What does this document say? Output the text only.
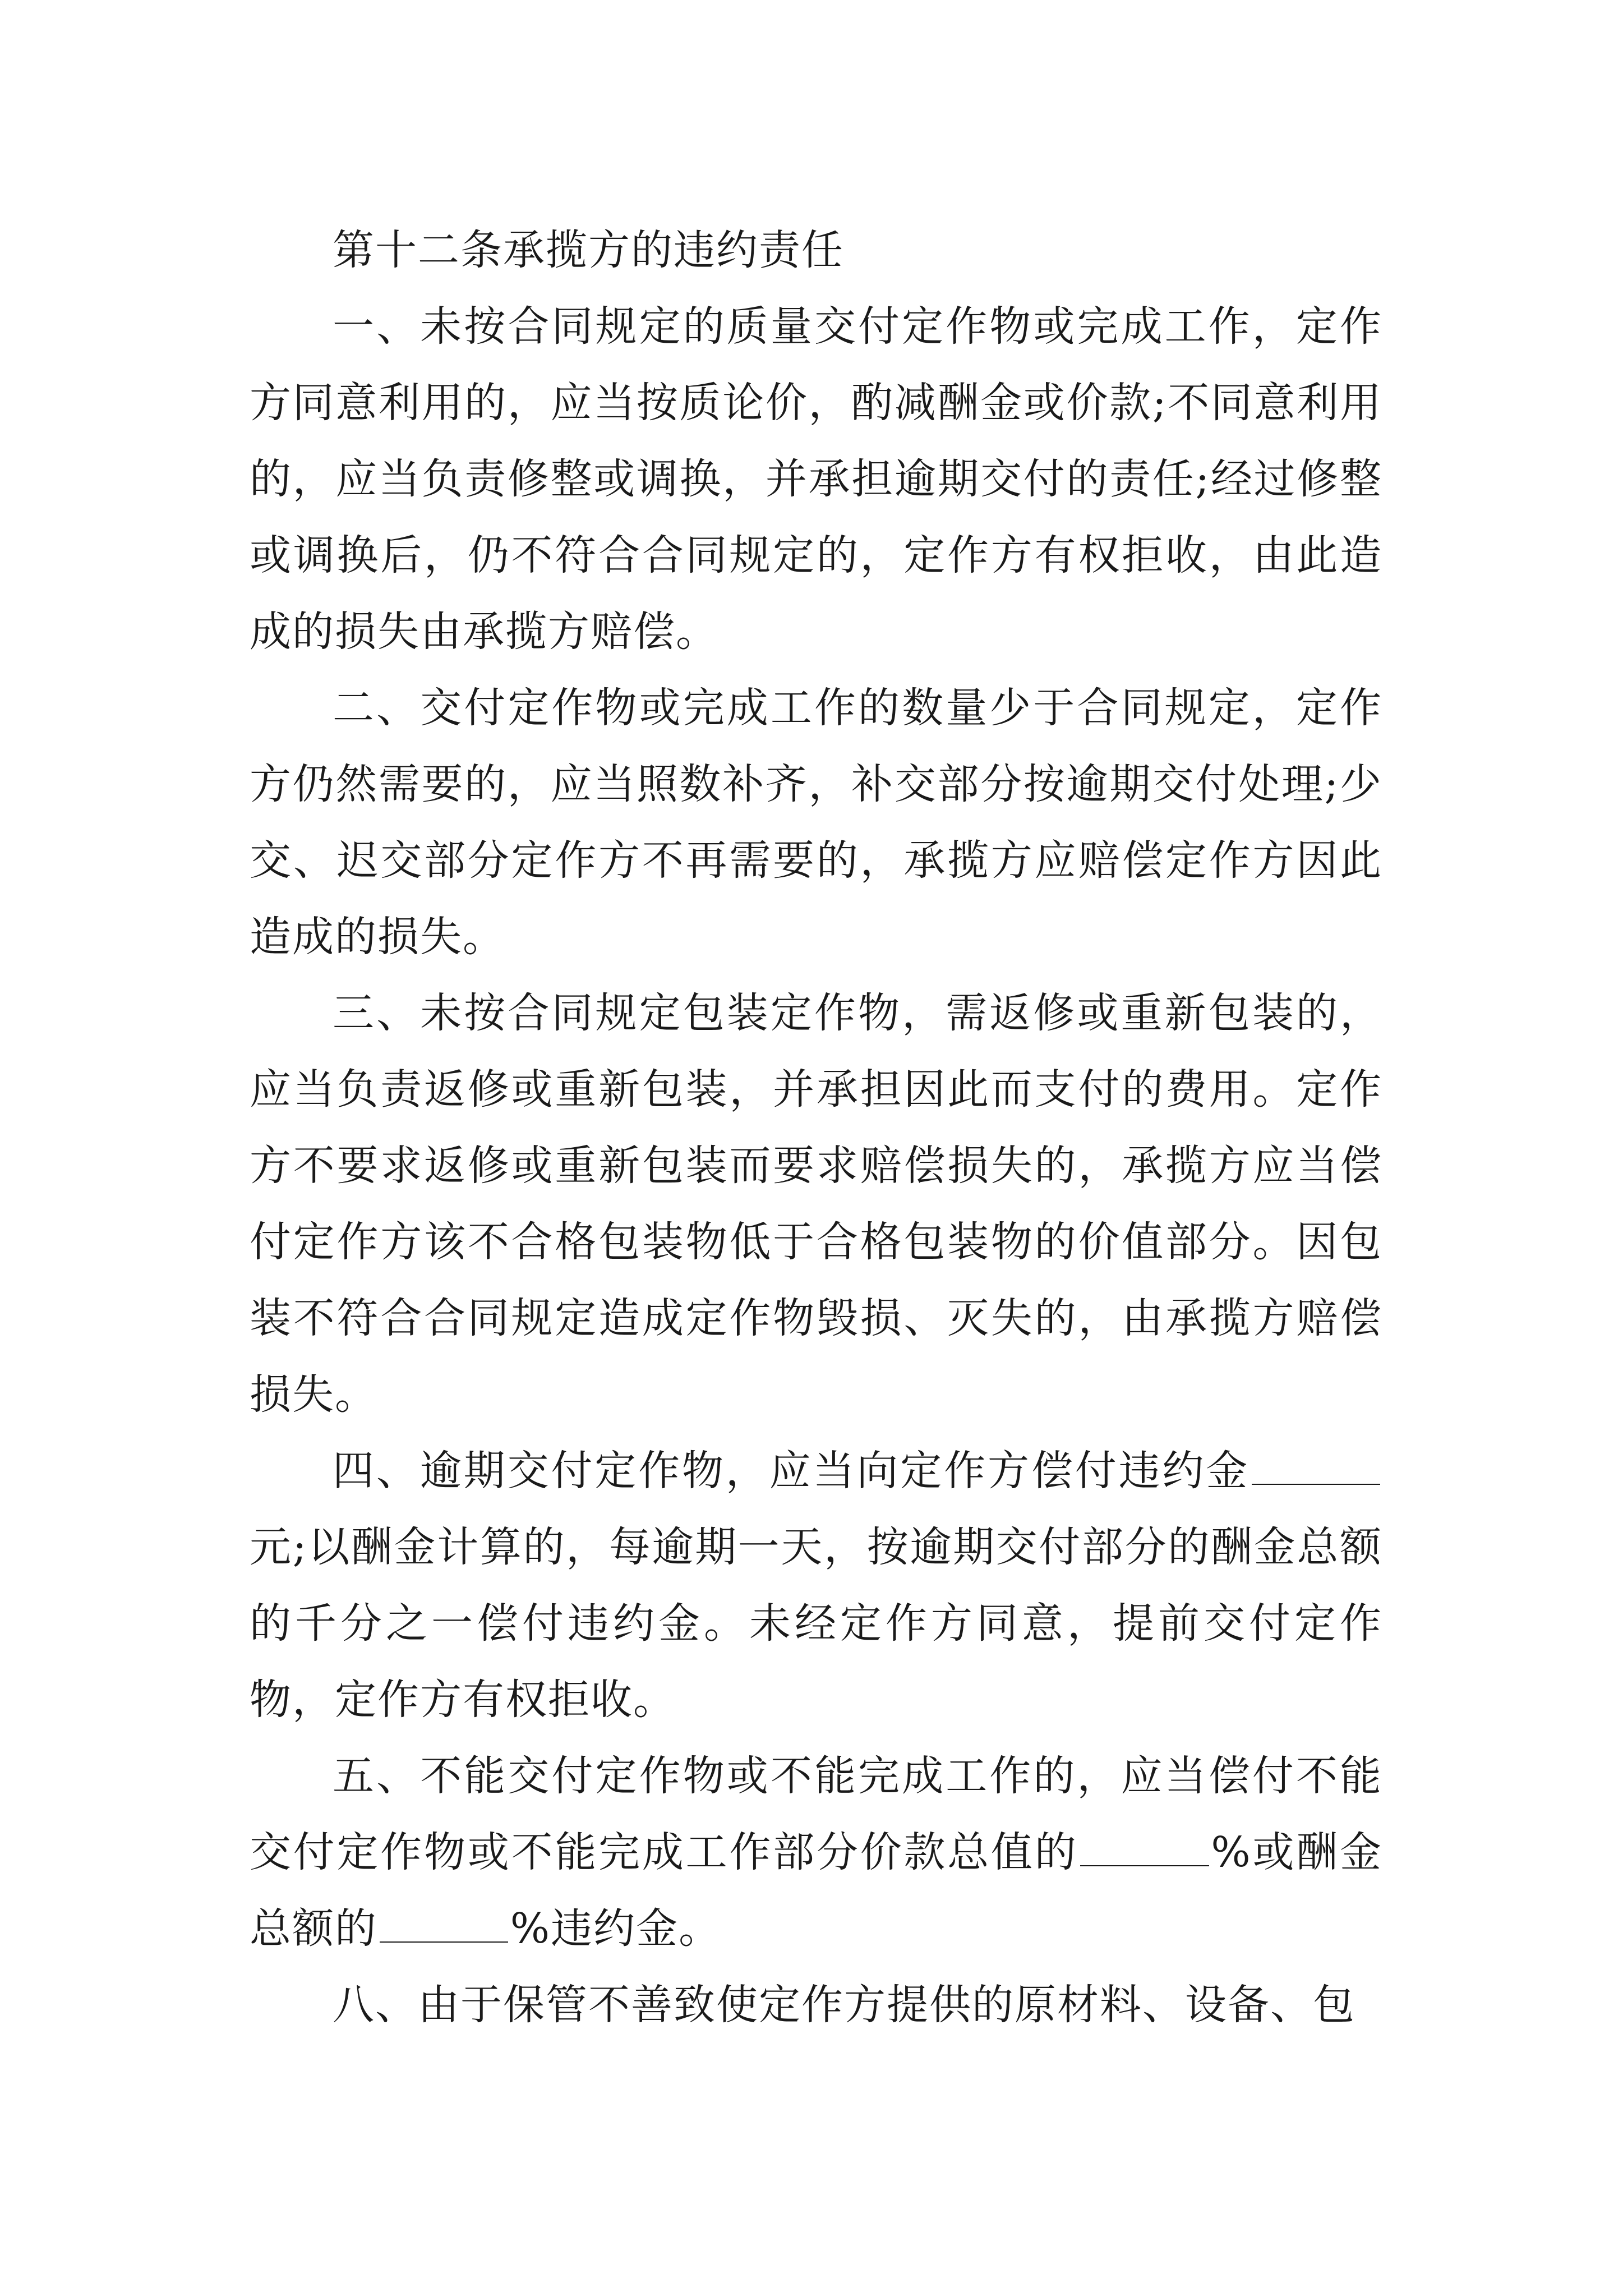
第十二条承揽方的违约责任

一、未按合同规定的质量交付定作物或完成工作，定作方同意利用的，应当按质论价，酌减酬金或价款;不同意利用的，应当负责修整或调换，并承担逾期交付的责任;经过修整或调换后，仍不符合合同规定的，定作方有权拒收，由此造成的损失由承揽方赔偿。

二、交付定作物或完成工作的数量少于合同规定，定作方仍然需要的，应当照数补齐，补交部分按逾期交付处理;少交、迟交部分定作方不再需要的，承揽方应赔偿定作方因此造成的损失。

三、未按合同规定包装定作物，需返修或重新包装的，应当负责返修或重新包装，并承担因此而支付的费用。定作方不要求返修或重新包装而要求赔偿损失的，承揽方应当偿付定作方该不合格包装物低于合格包装物的价值部分。因包装不符合合同规定造成定作物毁损、灭失的，由承揽方赔偿损失。

四、逾期交付定作物，应当向定作方偿付违约金元;以酬金计算的，每逾期一天，按逾期交付部分的酬金总额的千分之一偿付违约金。未经定作方同意，提前交付定作物，定作方有权拒收。

五、不能交付定作物或不能完成工作的，应当偿付不能交付定作物或不能完成工作部分价款总值的	%或酬金总额的	%违约金。

八、由于保管不善致使定作方提供的原材料、设备、包
